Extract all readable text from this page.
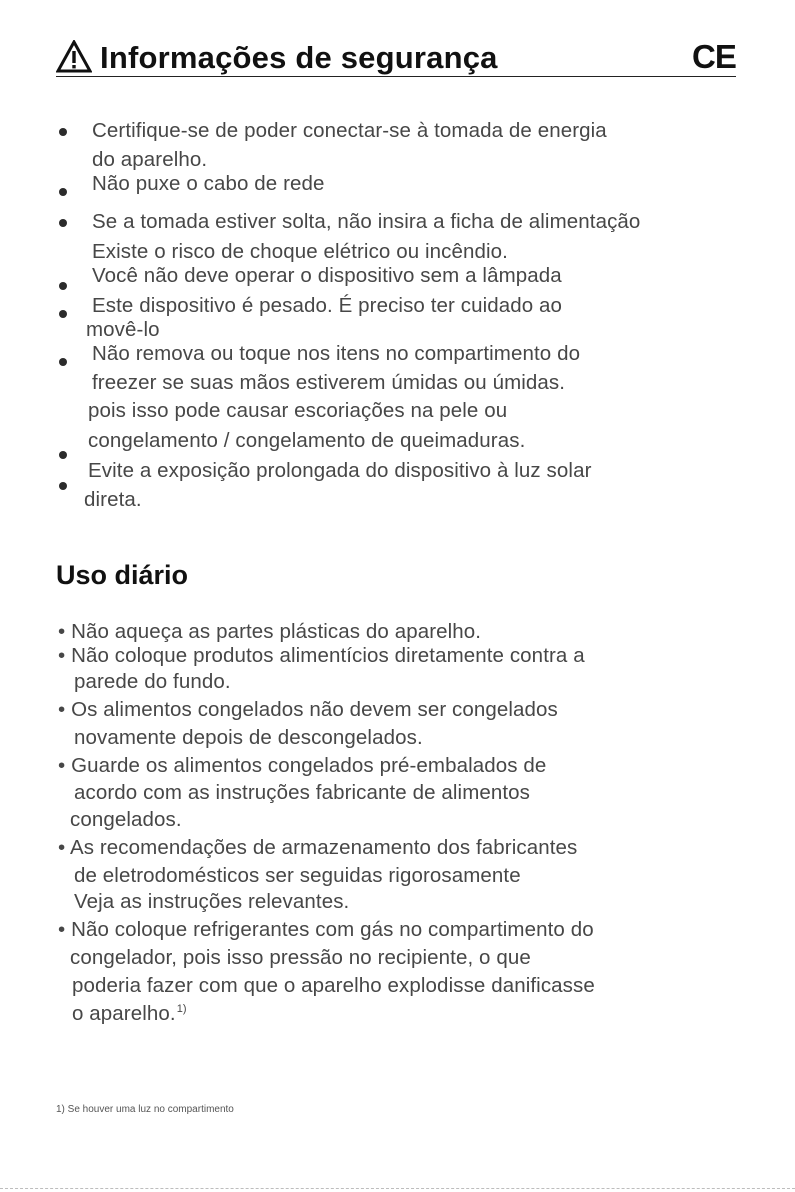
Informações de segurança	CE
Certifique-se de poder conectar-se à tomada de energia
do aparelho.
Não puxe o cabo de rede
Se a tomada estiver solta, não insira a ficha de alimentação
Existe o risco de choque elétrico ou incêndio.
Você não deve operar o dispositivo sem a lâmpada
Este dispositivo é pesado. É preciso ter cuidado ao
movê-lo
Não remova ou toque nos itens no compartimento do
freezer se suas mãos estiverem úmidas ou úmidas.
pois isso pode causar escoriações na pele ou
congelamento / congelamento de queimaduras.
Evite a exposição prolongada do dispositivo à luz solar
direta.
Uso diário
• Não aqueça as partes plásticas do aparelho.
• Não coloque produtos alimentícios diretamente contra a
parede do fundo.
• Os alimentos congelados não devem ser congelados
novamente depois de descongelados.
• Guarde os alimentos congelados pré-embalados de
acordo com as instruções fabricante de alimentos
congelados.
• As recomendações de armazenamento dos fabricantes
de eletrodomésticos ser seguidas rigorosamente
Veja as instruções relevantes.
• Não coloque refrigerantes com gás no compartimento do
congelador, pois isso pressão no recipiente, o que
poderia fazer com que o aparelho explodisse danificasse
o aparelho.$^{1)}$
1) Se houver uma luz no compartimento
